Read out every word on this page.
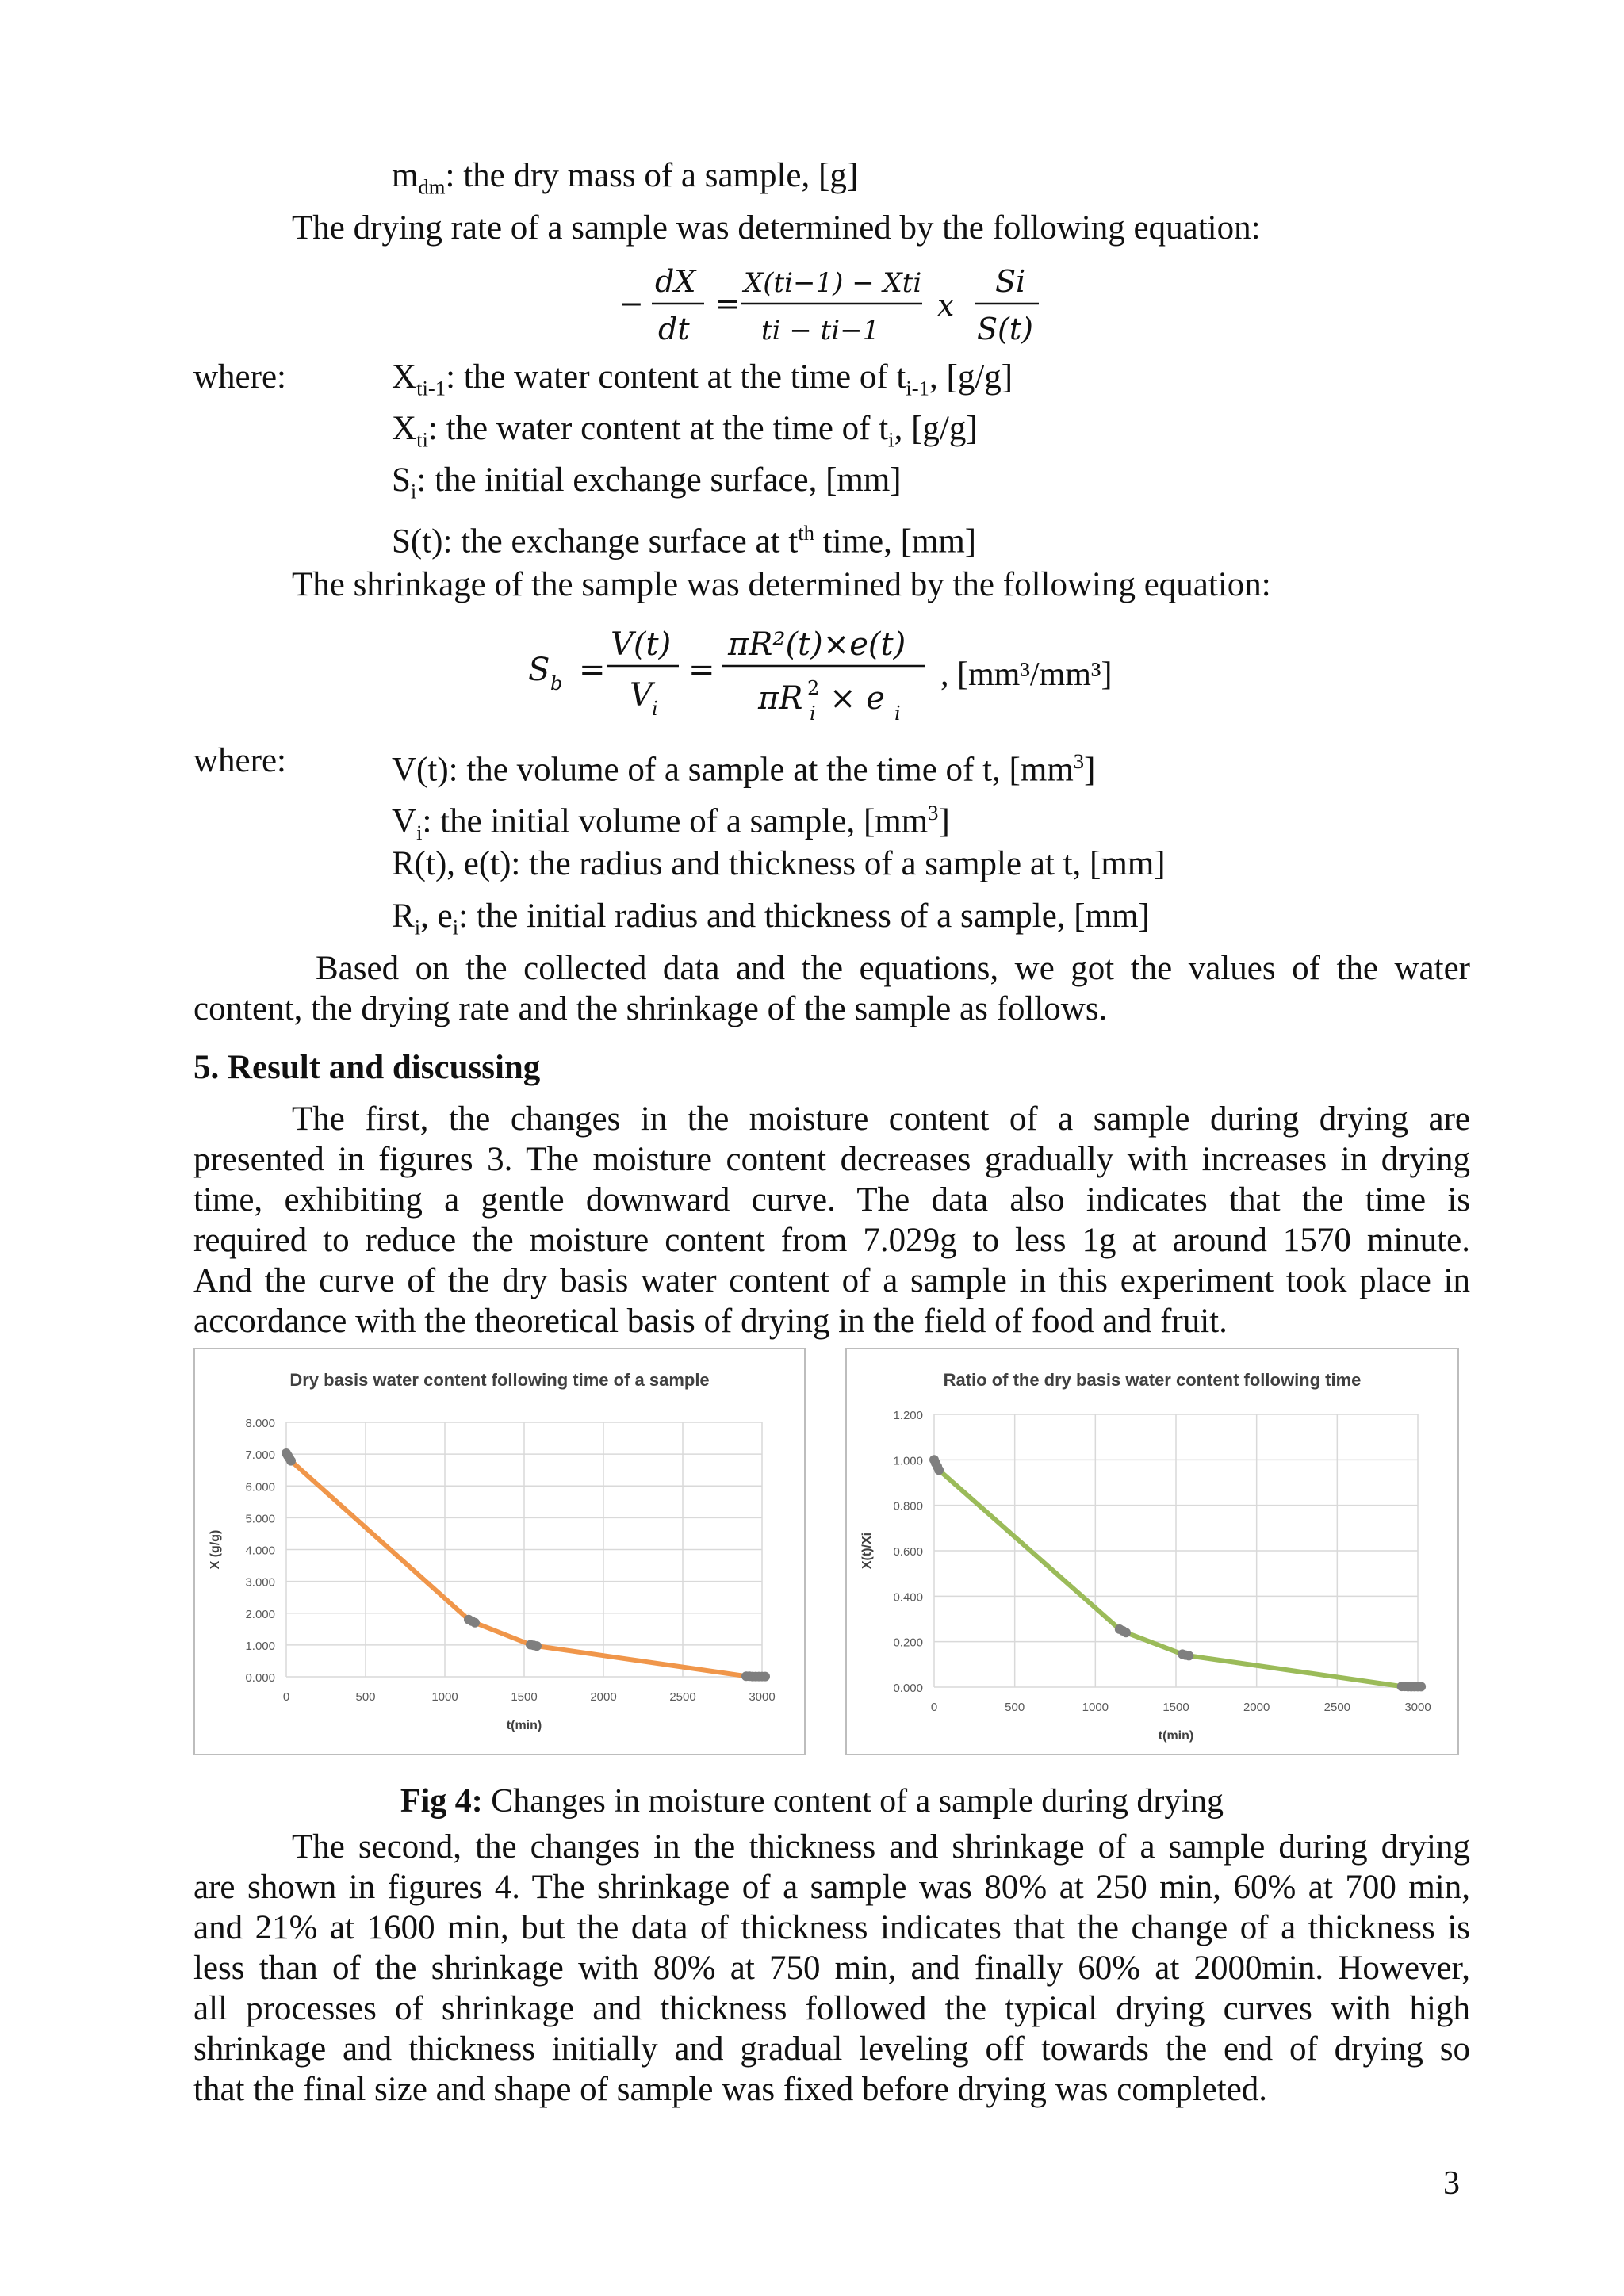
$m_{dm}$: the dry mass of a sample, [g]
The drying rate of a sample was determined by the following equation:
−
dX
dt
=
X(ti−1) − Xti
ti − ti−1
x
Si
S(t)
where:	$X_{ti-1}$: the water content at the time of $t_{i-1}$, [g/g]
$X_{ti}$: the water content at the time of $t_i$, [g/g]
$S_i$: the initial exchange surface, [mm]
S(t): the exchange surface at $t^{th}$ time, [mm]
The shrinkage of the sample was determined by the following equation:
S b =
V(t)
V i
=
πR²(t)×e(t)
πR i
2 × e i
, [mm³/mm³]
where:	V(t): the volume of a sample at the time of t, $[mm^3]$
$V_i$: the initial volume of a sample, $[mm^3]$
R(t), e(t): the radius and thickness of a sample at t, [mm]
$R_i$, $e_i$: the initial radius and thickness of a sample, [mm]
Based on the collected data and the equations, we got the values of the water
content, the drying rate and the shrinkage of the sample as follows.
5. Result and discussing
The first, the changes in the moisture content of a sample during drying are
presented in figures 3. The moisture content decreases gradually with increases in drying
time, exhibiting a gentle downward curve. The data also indicates that the time is
required to reduce the moisture content from 7.029g to less 1g at around 1570 minute.
And the curve of the dry basis water content of a sample in this experiment took place in
accordance with the theoretical basis of drying in the field of food and fruit.
Dry basis water content following time of a sample
0.000
1.000
2.000
3.000
4.000
5.000
6.000
7.000
8.000
0	500	1000	1500	2000	2500	3000
t(min)
X (g/g)
Ratio of the dry basis water content following time
0.000
0.200
0.400
0.600
0.800
1.000
1.200
0	500	1000	1500	2000	2500	3000
t(min)
X(t)/Xi
Fig 4: Changes in moisture content of a sample during drying
The second, the changes in the thickness and shrinkage of a sample during drying
are shown in figures 4. The shrinkage of a sample was 80% at 250 min, 60% at 700 min,
and 21% at 1600 min, but the data of thickness indicates that the change of a thickness is
less than of the shrinkage with 80% at 750 min, and finally 60% at 2000min. However,
all processes of shrinkage and thickness followed the typical drying curves with high
shrinkage and thickness initially and gradual leveling off towards the end of drying so
that the final size and shape of sample was fixed before drying was completed.
3
